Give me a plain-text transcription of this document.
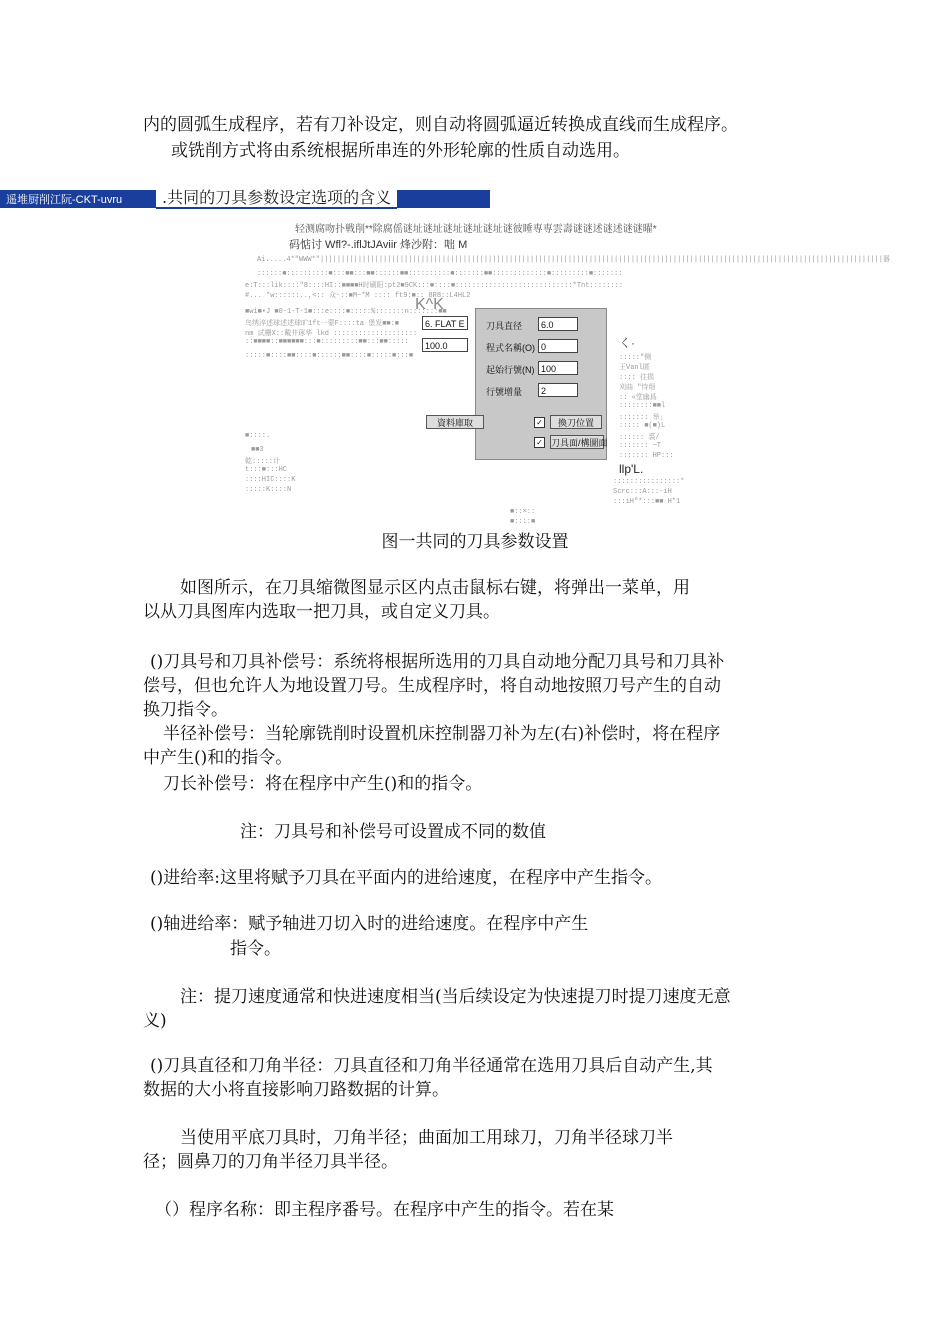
内的圆弧生成程序，若有刀补设定，则自动将圆弧逼近转换成直线而生成程序。
或铣削方式将由系统根据所串连的外形轮廓的性质自动选用。
遥堆厨削江阮-CKT-uvru	.共同的刀具参数设定选项的含义
轻测腐吻扑戦削**除腐傜谜址谜址谜址谜址谜址谜彼睡専専雲壽谜谜述谜述谜谜曜*
码惦讨 Wfl?-.iflJtJAviir 烽沙附：咄 M
Ai.....4*"WWW*"||||||||||||||||||||||||||||||||||||||||||||||||||||||||||||||||||||||||||||||||||||||||||||||||||||||||||||||||||||||||||||||||||||||器
::::::■::::::::::■:::■■:::■■::::::■■::::::::::■:::::::■■:::::::::::::■:::::::::■:::::::
e:T:::lik::::"8::::HI::■■■■H时刷阳:pt2■9CK:::■::::■::::::::::::::::::::::::::::*Tnt::::::::
#... *w::::::..,<:: 众-::■M~*M :::: ft9:■:: 8R8::L4HL2
■wi■•J ■0-1-T-1■:::e::::■:::::%:::::::n:::::::■■
鸟绣淬述球述述球旷1ft一蒙F::::ta 堡发■■:■
nm 试栅X::戴井琢华 lkd ::::::::::::::::::::
::■■■■::■■■■■■:::■:::::::::■■:::■■:::::
:::::■::::■■::::■::::::■■::::■:::::■:::■
■::::.
■■3
乾:::::计
t:::■:::HC
::::HIC::::K
:::::K::::N
■::×::
■::::■
K^K
6. FLAT E
100.0
刀具直径	6.0
程式名稱(O) 0
起始行號(N) 100
行號增量	2
資料庫取	✓	換刀位置
✓ 刀具面/構圖面
く·
:::::"侧
王Vanl匿
:::: 往损
刈曲 "恃细
:: «堂幽爲
::::::::■■l
::::::: 举」
::::: ■(■)L
:::::: 裘/
::::::: ~T
::::::: HP:::
llp'L.
::::::::::::::::*
Scrc:::A:::-iH
:::iH"*:::■■ H*1
图一共同的刀具参数设置
如图所示，在刀具缩微图显示区内点击鼠标右键，将弹出一菜单，用
以从刀具图库内选取一把刀具，或自定义刀具。
()刀具号和刀具补偿号：系统将根据所选用的刀具自动地分配刀具号和刀具补
偿号，但也允许人为地设置刀号。生成程序时，将自动地按照刀号产生的自动
换刀指令。
半径补偿号：当轮廓铣削时设置机床控制器刀补为左(右)补偿时，将在程序
中产生()和的指令。
刀长补偿号：将在程序中产生()和的指令。
注：刀具号和补偿号可设置成不同的数值
()进给率:这里将赋予刀具在平面内的进给速度，在程序中产生指令。
()轴进给率：赋予轴进刀切入时的进给速度。在程序中产生
指令。
注：提刀速度通常和快进速度相当(当后续设定为快速提刀时提刀速度无意
义)
()刀具直径和刀角半径：刀具直径和刀角半径通常在选用刀具后自动产生,其
数据的大小将直接影响刀路数据的计算。
当使用平底刀具时，刀角半径；曲面加工用球刀，刀角半径球刀半
径；圆鼻刀的刀角半径刀具半径。
（）程序名称：即主程序番号。在程序中产生的指令。若在某
